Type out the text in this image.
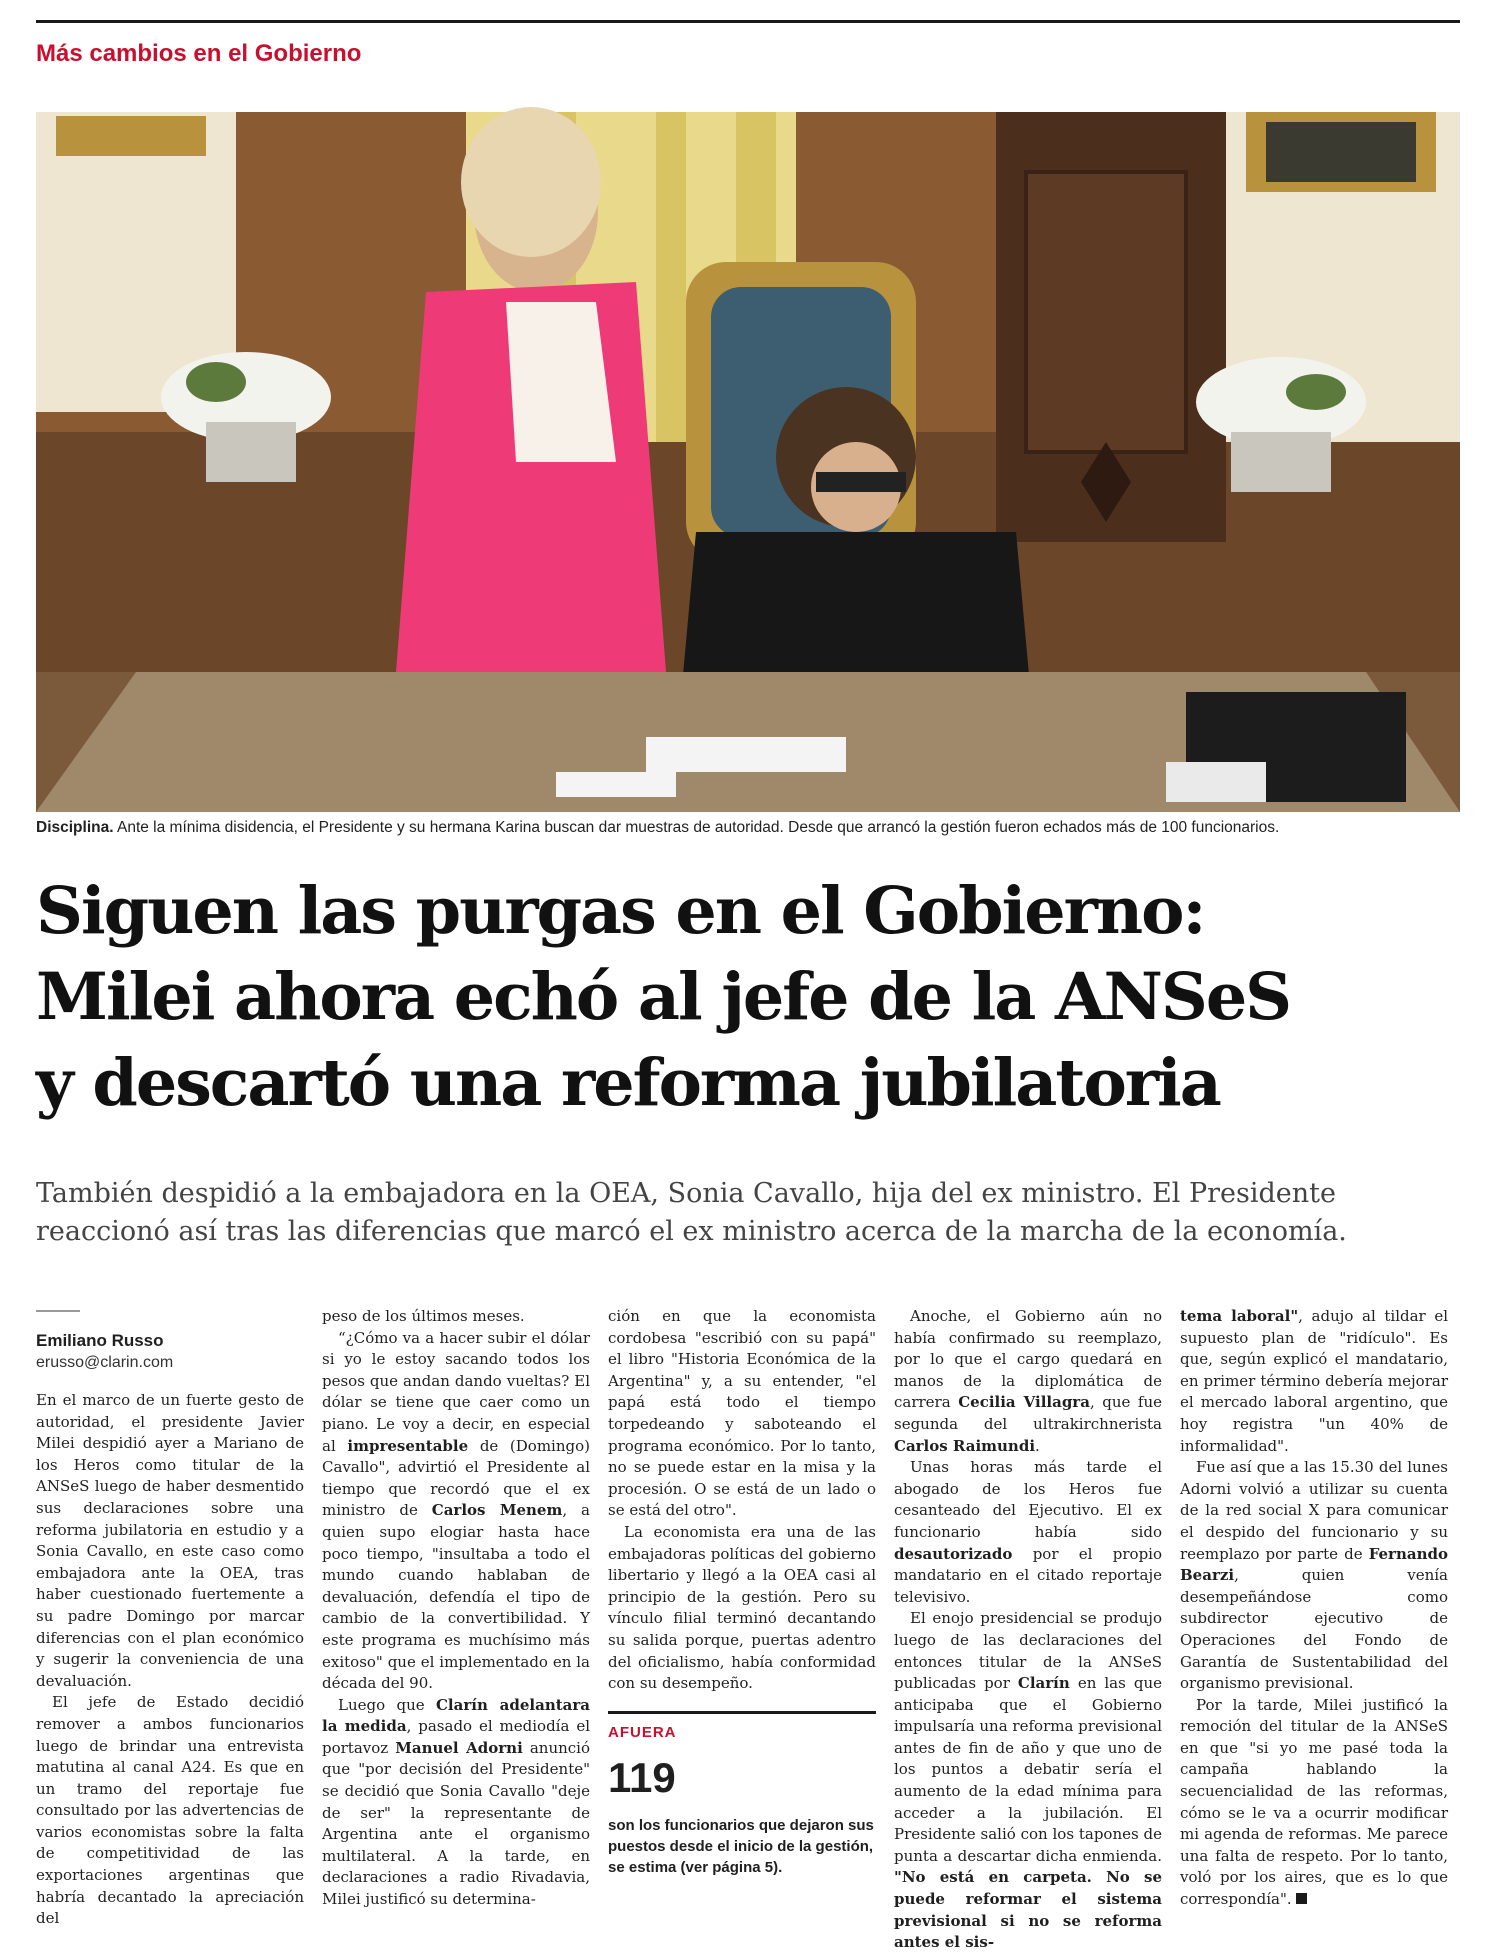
Más cambios en el Gobierno
Disciplina. Ante la mínima disidencia, el Presidente y su hermana Karina buscan dar muestras de autoridad. Desde que arrancó la gestión fueron echados más de 100 funcionarios.
Siguen las purgas en el Gobierno:
Milei ahora echó al jefe de la ANSeS
y descartó una reforma jubilatoria
También despidió a la embajadora en la OEA, Sonia Cavallo, hija del ex ministro. El Presidente
reaccionó así tras las diferencias que marcó el ex ministro acerca de la marcha de la economía.
Emiliano Russo
erusso@clarin.com

En el marco de un fuerte gesto de autoridad, el presidente Javier Milei despidió ayer a Mariano de los Heros como titular de la ANSeS luego de haber desmentido sus declaraciones sobre una reforma jubilatoria en estudio y a Sonia Cavallo, en este caso como embajadora ante la OEA, tras haber cuestionado fuertemente a su padre Domingo por marcar diferencias con el plan económico y sugerir la conveniencia de una devaluación.

El jefe de Estado decidió remover a ambos funcionarios luego de brindar una entrevista matutina al canal A24. Es que en un tramo del reportaje fue consultado por las advertencias de varios economistas sobre la falta de competitividad de las exportaciones argentinas que habría decantado la apreciación del

peso de los últimos meses.

“¿Cómo va a hacer subir el dólar si yo le estoy sacando todos los pesos que andan dando vueltas? El dólar se tiene que caer como un piano. Le voy a decir, en especial al impresentable de (Domingo) Cavallo", advirtió el Presidente al tiempo que recordó que el ex ministro de Carlos Menem, a quien supo elogiar hasta hace poco tiempo, "insultaba a todo el mundo cuando hablaban de devaluación, defendía el tipo de cambio de la convertibilidad. Y este programa es muchísimo más exitoso" que el implementado en la década del 90.

Luego que Clarín adelantara la medida, pasado el mediodía el portavoz Manuel Adorni anunció que "por decisión del Presidente" se decidió que Sonia Cavallo "deje de ser" la representante de Argentina ante el organismo multilateral. A la tarde, en declaraciones a radio Rivadavia, Milei justificó su determina-

ción en que la economista cordobesa "escribió con su papá" el libro "Historia Económica de la Argentina" y, a su entender, "el papá está todo el tiempo torpedeando y saboteando el programa económico. Por lo tanto, no se puede estar en la misa y la procesión. O se está de un lado o se está del otro".

La economista era una de las embajadoras políticas del gobierno libertario y llegó a la OEA casi al principio de la gestión. Pero su vínculo filial terminó decantando su salida porque, puertas adentro del oficialismo, había conformidad con su desempeño.

AFUERA
119
son los funcionarios que dejaron sus puestos desde el inicio de la gestión, se estima (ver página 5).

Anoche, el Gobierno aún no había confirmado su reemplazo, por lo que el cargo quedará en manos de la diplomática de carrera Cecilia Villagra, que fue segunda del ultrakirchnerista Carlos Raimundi.

Unas horas más tarde el abogado de los Heros fue cesanteado del Ejecutivo. El ex funcionario había sido desautorizado por el propio mandatario en el citado reportaje televisivo.

El enojo presidencial se produjo luego de las declaraciones del entonces titular de la ANSeS publicadas por Clarín en las que anticipaba que el Gobierno impulsaría una reforma previsional antes de fin de año y que uno de los puntos a debatir sería el aumento de la edad mínima para acceder a la jubilación. El Presidente salió con los tapones de punta a descartar dicha enmienda. "No está en carpeta. No se puede reformar el sistema previsional si no se reforma antes el sis-

tema laboral", adujo al tildar el supuesto plan de "ridículo". Es que, según explicó el mandatario, en primer término debería mejorar el mercado laboral argentino, que hoy registra "un 40% de informalidad".

Fue así que a las 15.30 del lunes Adorni volvió a utilizar su cuenta de la red social X para comunicar el despido del funcionario y su reemplazo por parte de Fernando Bearzi, quien venía desempeñándose como subdirector ejecutivo de Operaciones del Fondo de Garantía de Sustentabilidad del organismo previsional.

Por la tarde, Milei justificó la remoción del titular de la ANSeS en que "si yo me pasé toda la campaña hablando la secuencialidad de las reformas, cómo se le va a ocurrir modificar mi agenda de reformas. Me parece una falta de respeto. Por lo tanto, voló por los aires, que es lo que correspondía".
